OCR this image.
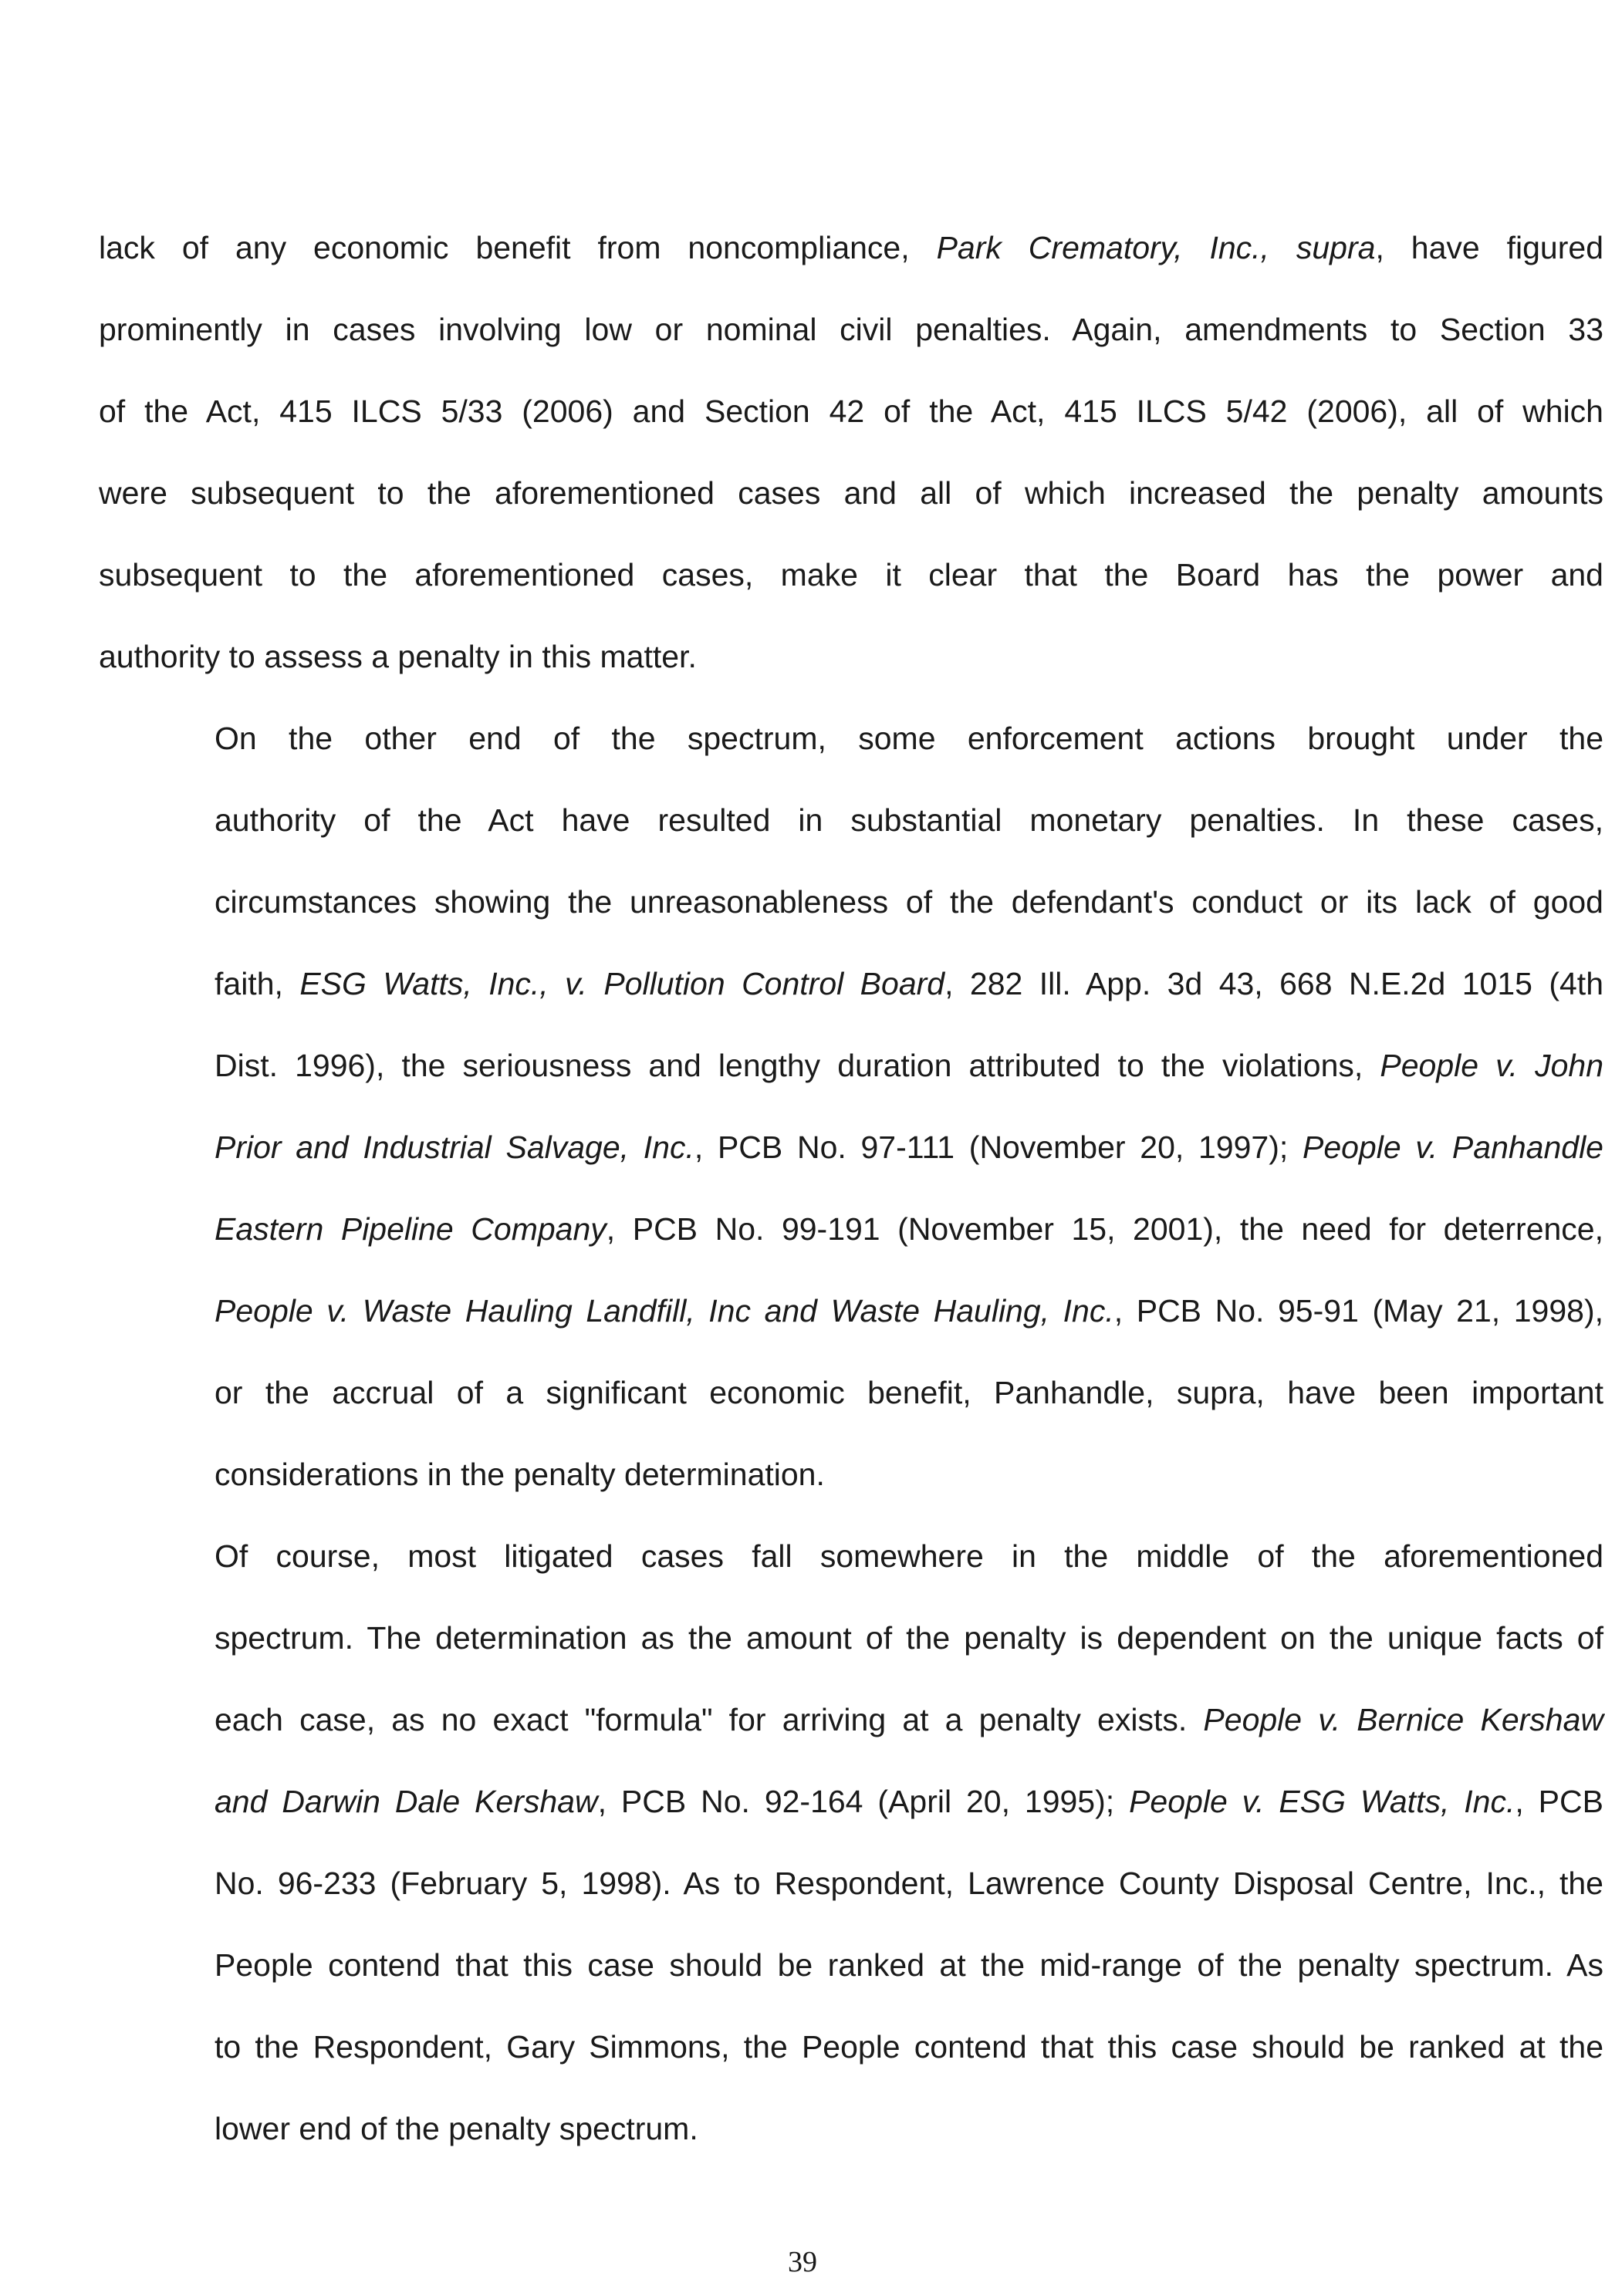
lack of any economic benefit from noncompliance, Park Crematory, Inc., supra, have figured
prominently in cases involving low or nominal civil penalties. Again, amendments to Section 33
of the Act, 415 ILCS 5/33 (2006) and Section 42 of the Act, 415 ILCS 5/42 (2006), all of which
were subsequent to the aforementioned cases and all of which increased the penalty amounts
subsequent to the aforementioned cases, make it clear that the Board has the power and
authority to assess a penalty in this matter.
On the other end of the spectrum, some enforcement actions brought under the
authority of the Act have resulted in substantial monetary penalties. In these cases,
circumstances showing the unreasonableness of the defendant's conduct or its lack of good
faith, ESG Watts, Inc., v. Pollution Control Board, 282 Ill. App. 3d 43, 668 N.E.2d 1015 (4th
Dist. 1996), the seriousness and lengthy duration attributed to the violations, People v. John
Prior and Industrial Salvage, Inc., PCB No. 97-111 (November 20, 1997); People v. Panhandle
Eastern Pipeline Company, PCB No. 99-191 (November 15, 2001), the need for deterrence,
People v. Waste Hauling Landfill, Inc and Waste Hauling, Inc., PCB No. 95-91 (May 21, 1998),
or the accrual of a significant economic benefit, Panhandle, supra, have been important
considerations in the penalty determination.
Of course, most litigated cases fall somewhere in the middle of the aforementioned
spectrum. The determination as the amount of the penalty is dependent on the unique facts of
each case, as no exact "formula" for arriving at a penalty exists. People v. Bernice Kershaw
and Darwin Dale Kershaw, PCB No. 92-164 (April 20, 1995); People v. ESG Watts, Inc., PCB
No. 96-233 (February 5, 1998). As to Respondent, Lawrence County Disposal Centre, Inc., the
People contend that this case should be ranked at the mid-range of the penalty spectrum. As
to the Respondent, Gary Simmons, the People contend that this case should be ranked at the
lower end of the penalty spectrum.
39
